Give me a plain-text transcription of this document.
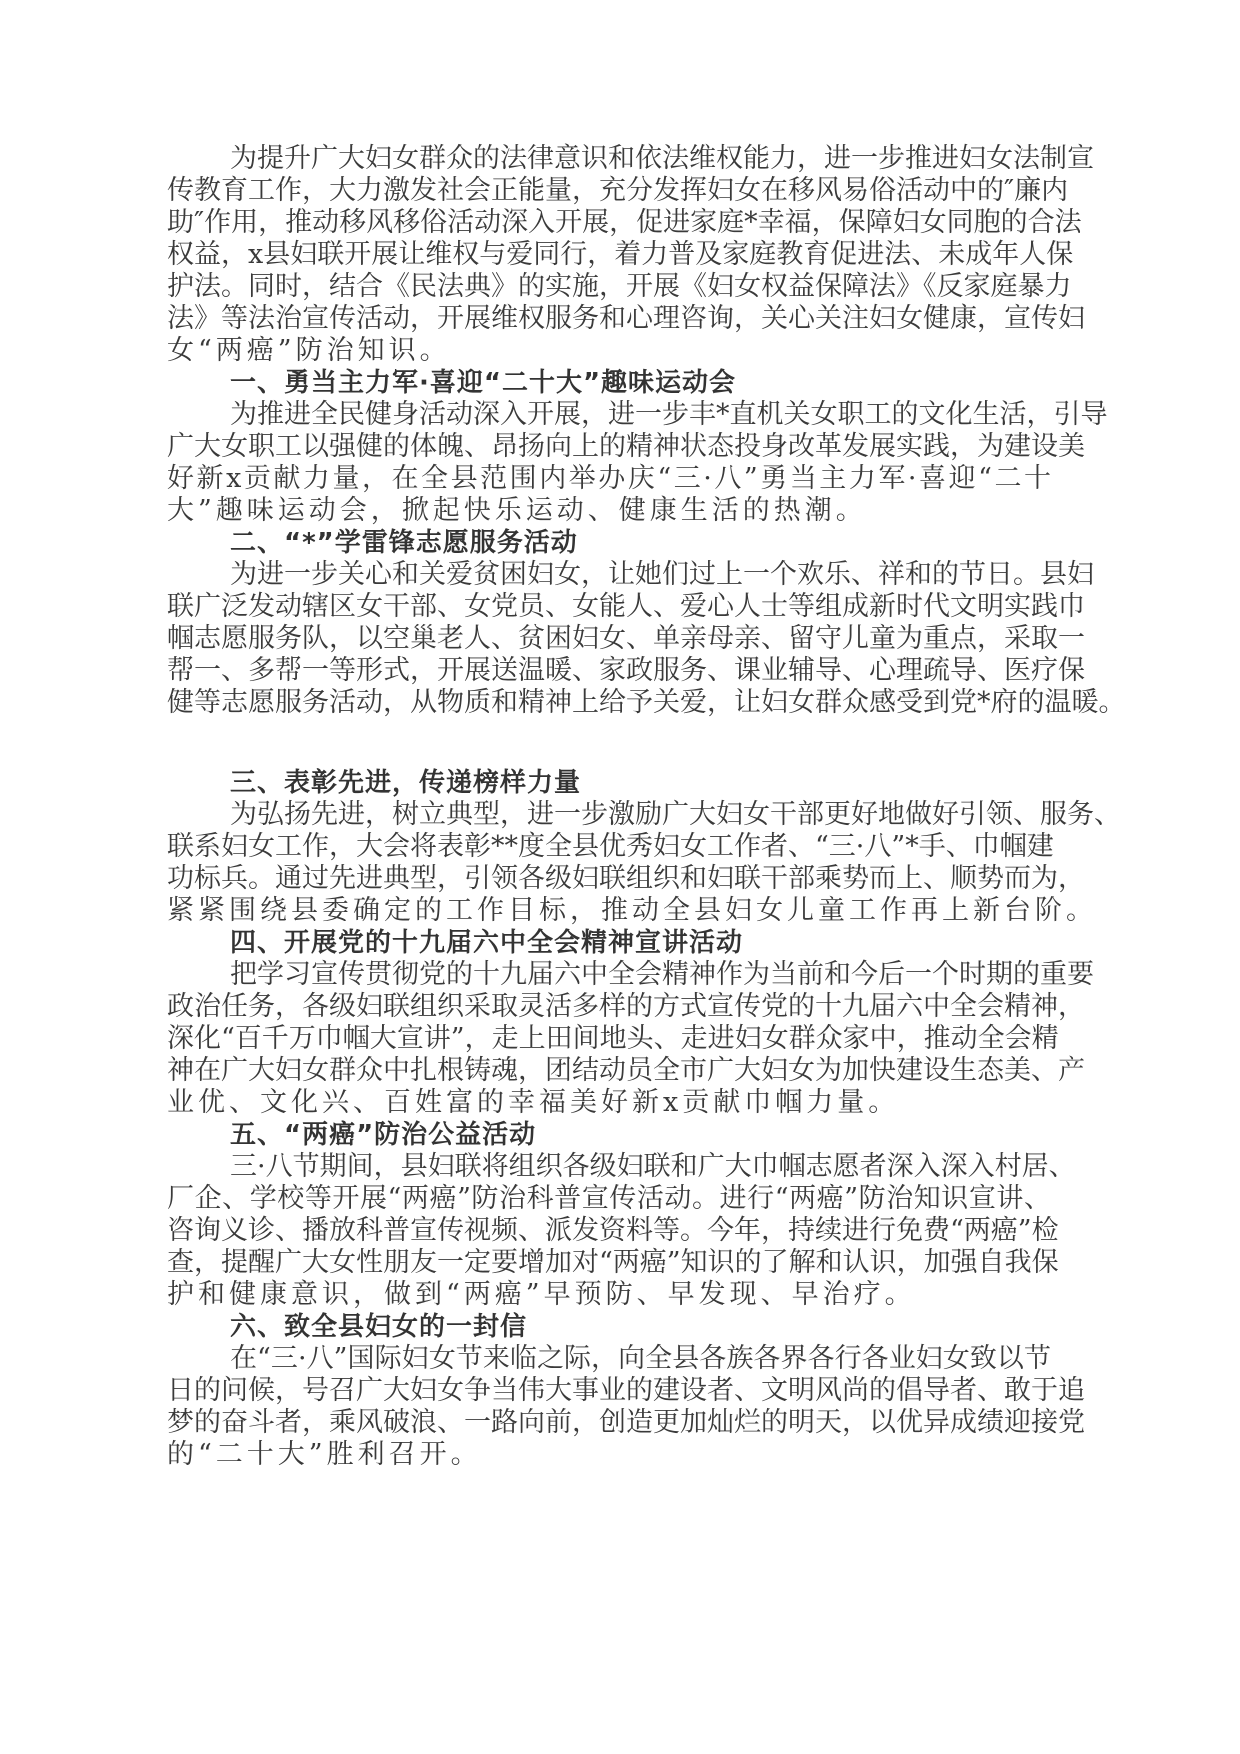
为提升广大妇女群众的法律意识和依法维权能力，进一步推进妇女法制宣
传教育工作，大力激发社会正能量，充分发挥妇女在移风易俗活动中的″廉内
助″作用，推动移风移俗活动深入开展，促进家庭*幸福，保障妇女同胞的合法
权益，x县妇联开展让维权与爱同行，着力普及家庭教育促进法、未成年人保
护法。同时，结合《民法典》的实施，开展《妇女权益保障法》《反家庭暴力
法》等法治宣传活动，开展维权服务和心理咨询，关心关注妇女健康，宣传妇
女“两癌”防治知识。
一、勇当主力军·喜迎“二十大”趣味运动会
为推进全民健身活动深入开展，进一步丰*直机关女职工的文化生活，引导
广大女职工以强健的体魄、昂扬向上的精神状态投身改革发展实践，为建设美
好新x贡献力量，在全县范围内举办庆“三·八”勇当主力军·喜迎“二十
大”趣味运动会，掀起快乐运动、健康生活的热潮。
二、“*”学雷锋志愿服务活动
为进一步关心和关爱贫困妇女，让她们过上一个欢乐、祥和的节日。县妇
联广泛发动辖区女干部、女党员、女能人、爱心人士等组成新时代文明实践巾
帼志愿服务队，以空巢老人、贫困妇女、单亲母亲、留守儿童为重点，采取一
帮一、多帮一等形式，开展送温暖、家政服务、课业辅导、心理疏导、医疗保
健等志愿服务活动，从物质和精神上给予关爱，让妇女群众感受到党*府的温暖。
三、表彰先进，传递榜样力量
为弘扬先进，树立典型，进一步激励广大妇女干部更好地做好引领、服务、
联系妇女工作，大会将表彰**度全县优秀妇女工作者、“三·八”*手、巾帼建
功标兵。通过先进典型，引领各级妇联组织和妇联干部乘势而上、顺势而为，
紧紧围绕县委确定的工作目标，推动全县妇女儿童工作再上新台阶。
四、开展党的十九届六中全会精神宣讲活动
把学习宣传贯彻党的十九届六中全会精神作为当前和今后一个时期的重要
政治任务，各级妇联组织采取灵活多样的方式宣传党的十九届六中全会精神，
深化“百千万巾帼大宣讲”，走上田间地头、走进妇女群众家中，推动全会精
神在广大妇女群众中扎根铸魂，团结动员全市广大妇女为加快建设生态美、产
业优、文化兴、百姓富的幸福美好新x贡献巾帼力量。
五、“两癌”防治公益活动
三·八节期间，县妇联将组织各级妇联和广大巾帼志愿者深入深入村居、
厂企、学校等开展“两癌”防治科普宣传活动。进行“两癌”防治知识宣讲、
咨询义诊、播放科普宣传视频、派发资料等。今年，持续进行免费“两癌”检
查，提醒广大女性朋友一定要增加对“两癌”知识的了解和认识，加强自我保
护和健康意识，做到“两癌”早预防、早发现、早治疗。
六、致全县妇女的一封信
在“三·八”国际妇女节来临之际，向全县各族各界各行各业妇女致以节
日的问候，号召广大妇女争当伟大事业的建设者、文明风尚的倡导者、敢于追
梦的奋斗者，乘风破浪、一路向前，创造更加灿烂的明天，以优异成绩迎接党
的“二十大”胜利召开。
